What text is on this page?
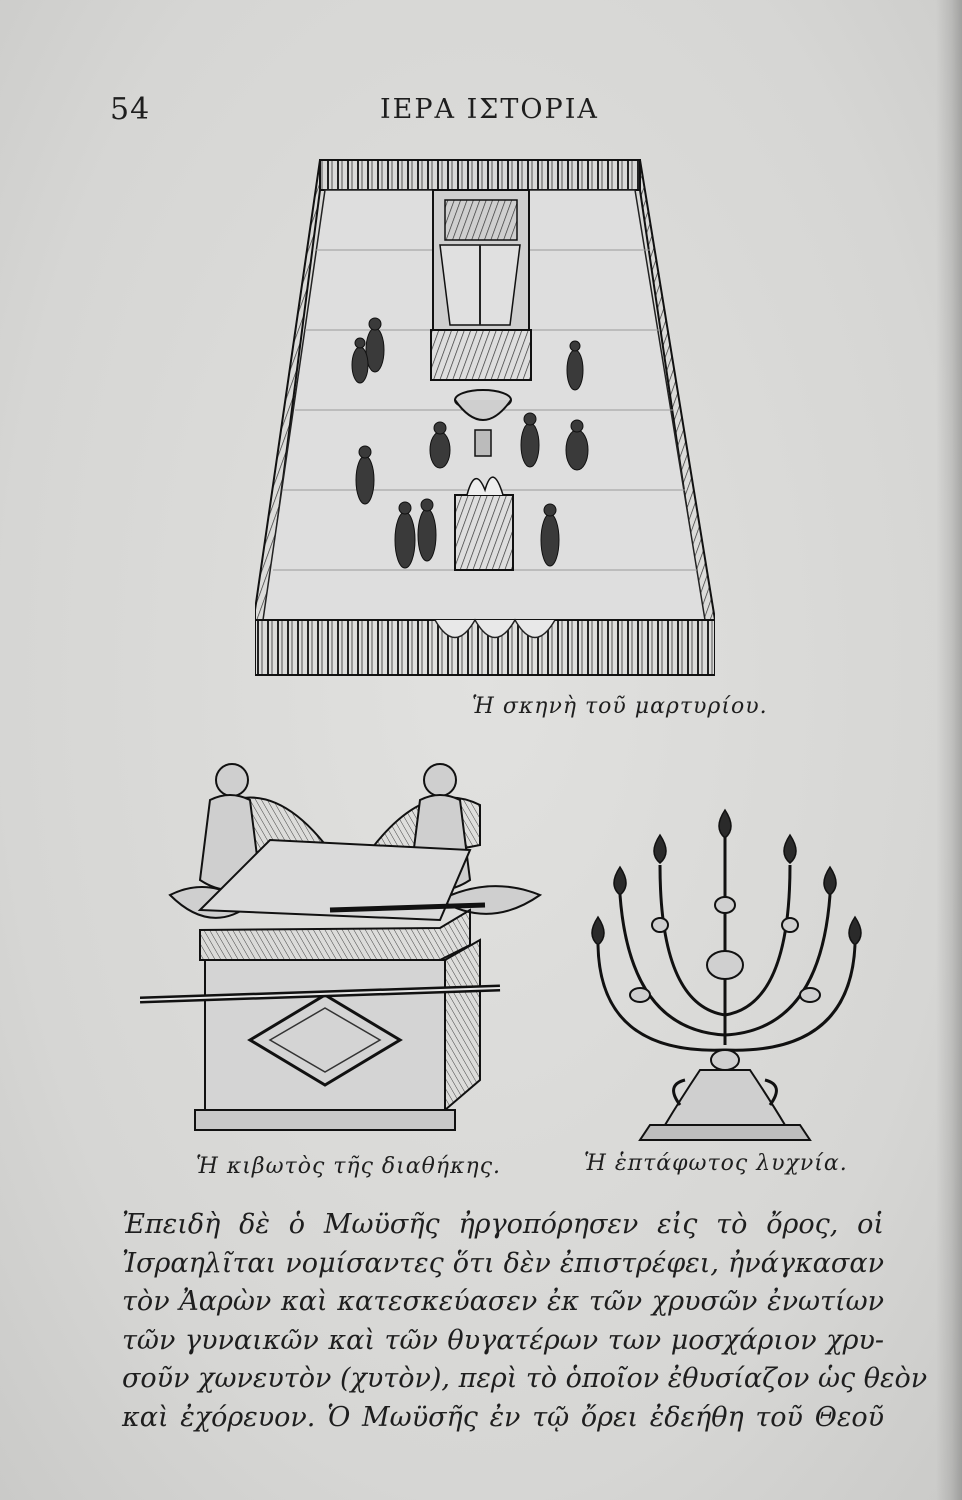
54	ΙΕΡΑ ΙΣΤΟΡΙΑ
Ἡ σκηνὴ τοῦ μαρτυρίου.
Ἡ κιβωτὸς τῆς διαθήκης.	Ἡ ἑπτάφωτος λυχνία.
Ἐπειδὴ δὲ ὁ Μωϋσῆς ἠργοπόρησεν εἰς τὸ ὄρος, οἱ
Ἰσραηλῖται νομίσαντες ὅτι δὲν ἐπιστρέφει, ἠνάγκασαν
τὸν Ἀαρὼν καὶ κατεσκεύασεν ἐκ τῶν χρυσῶν ἐνωτίων
τῶν γυναικῶν καὶ τῶν θυγατέρων των μοσχάριον χρυ-
σοῦν χωνευτὸν (χυτὸν), περὶ τὸ ὁποῖον ἐθυσίαζον ὡς θεὸν
καὶ ἐχόρευον. Ὁ Μωϋσῆς ἐν τῷ ὄρει ἐδεήθη τοῦ Θεοῦ
